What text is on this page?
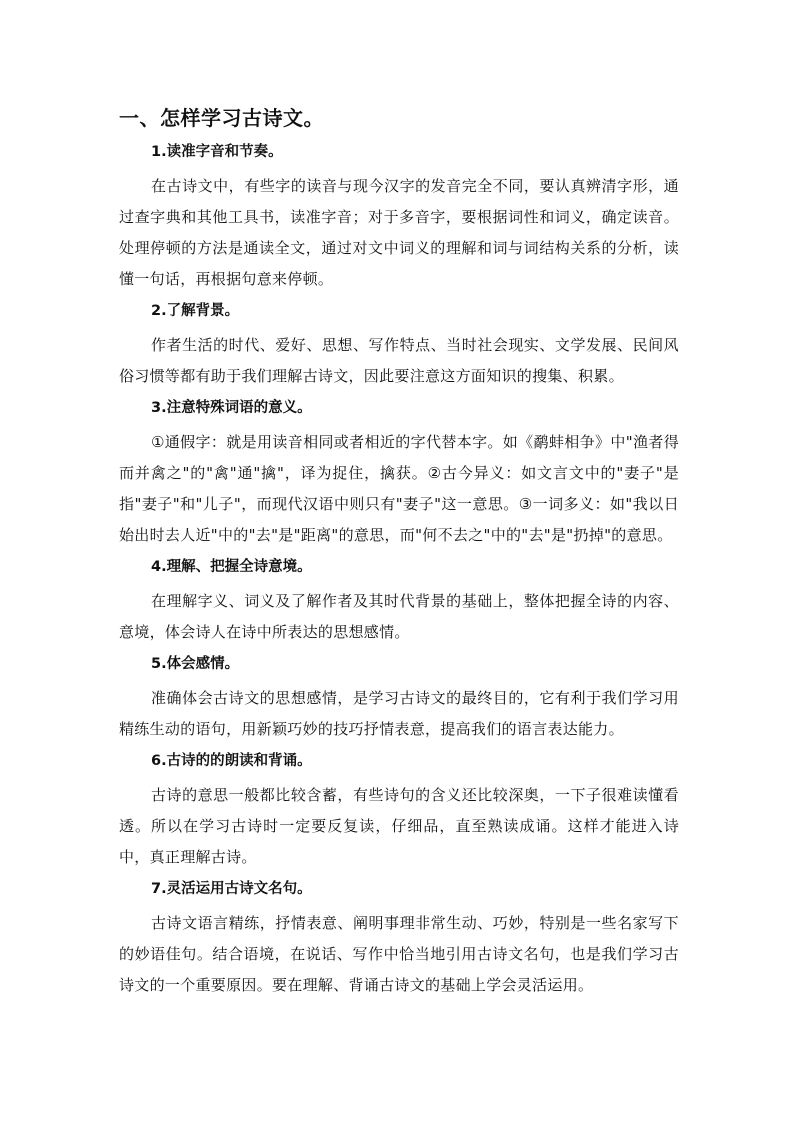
一、怎样学习古诗文。
1.读准字音和节奏。

在古诗文中，有些字的读音与现今汉字的发音完全不同，要认真辨清字形，通过查字典和其他工具书，读准字音；对于多音字，要根据词性和词义，确定读音。处理停顿的方法是通读全文，通过对文中词义的理解和词与词结构关系的分析，读懂一句话，再根据句意来停顿。

2.了解背景。

作者生活的时代、爱好、思想、写作特点、当时社会现实、文学发展、民间风俗习惯等都有助于我们理解古诗文，因此要注意这方面知识的搜集、积累。

3.注意特殊词语的意义。

①通假字：就是用读音相同或者相近的字代替本字。如《鹬蚌相争》中"渔者得而并禽之"的"禽"通"擒"，译为捉住，擒获。②古今异义：如文言文中的"妻子"是指"妻子"和"儿子"，而现代汉语中则只有"妻子"这一意思。③一词多义：如"我以日始出时去人近"中的"去"是"距离"的意思，而"何不去之"中的"去"是"扔掉"的意思。

4.理解、把握全诗意境。

在理解字义、词义及了解作者及其时代背景的基础上，整体把握全诗的内容、意境，体会诗人在诗中所表达的思想感情。

5.体会感情。

准确体会古诗文的思想感情，是学习古诗文的最终目的，它有利于我们学习用精练生动的语句，用新颖巧妙的技巧抒情表意，提高我们的语言表达能力。

6.古诗的的朗读和背诵。

古诗的意思一般都比较含蓄，有些诗句的含义还比较深奥，一下子很难读懂看透。所以在学习古诗时一定要反复读，仔细品，直至熟读成诵。这样才能进入诗中，真正理解古诗。

7.灵活运用古诗文名句。

古诗文语言精练，抒情表意、阐明事理非常生动、巧妙，特别是一些名家写下的妙语佳句。结合语境，在说话、写作中恰当地引用古诗文名句，也是我们学习古诗文的一个重要原因。要在理解、背诵古诗文的基础上学会灵活运用。
